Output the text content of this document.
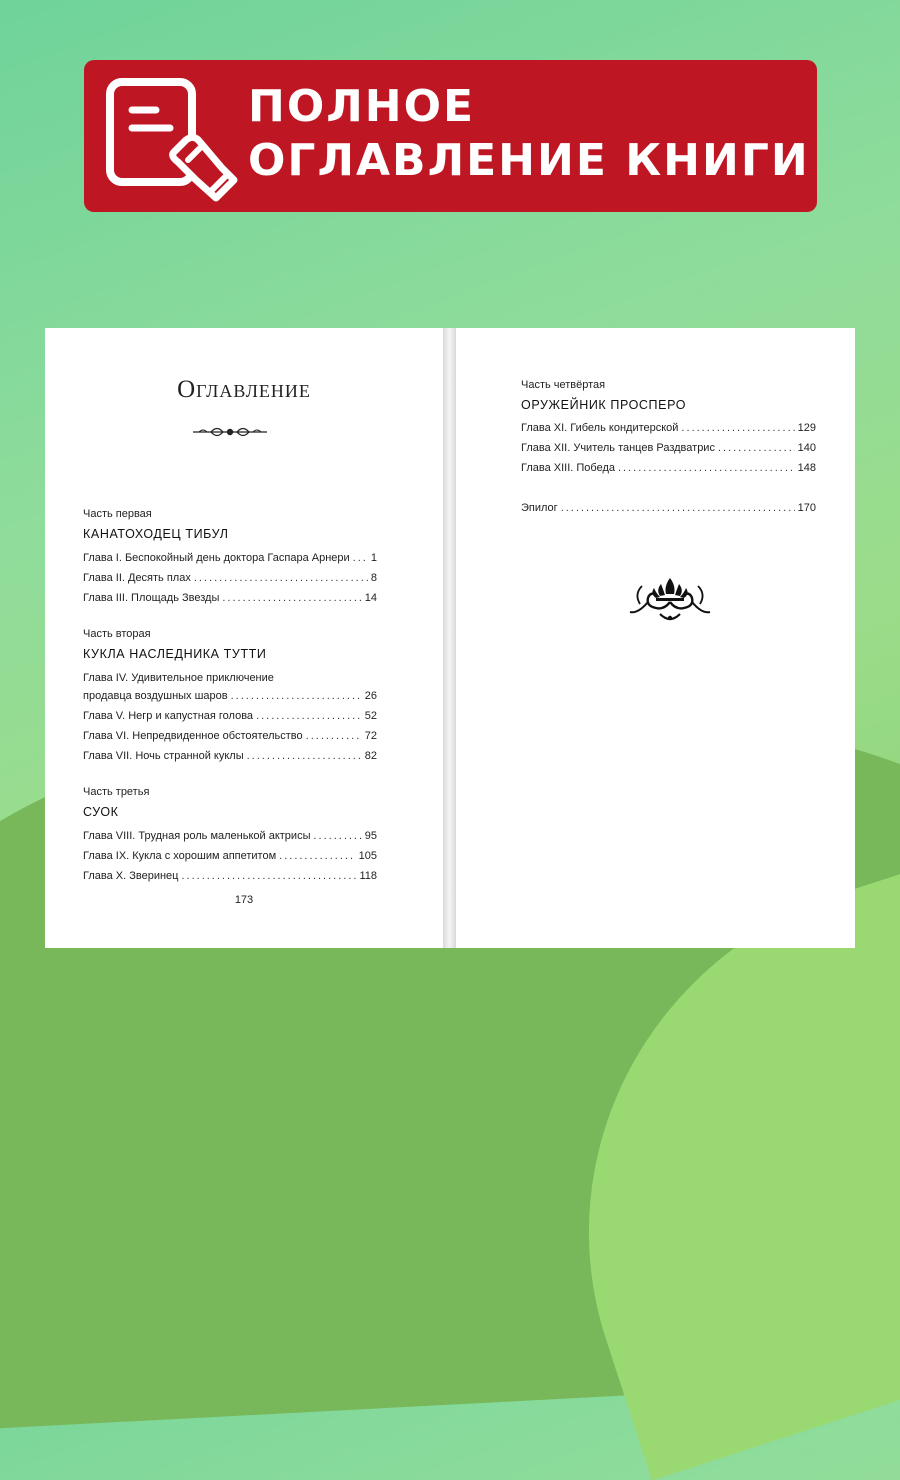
ПОЛНОЕ
ОГЛАВЛЕНИЕ КНИГИ
Оглавление
Часть первая
КАНАТОХОДЕЦ ТИБУЛ
Глава I. Беспокойный день доктора Гаспара Арнери ..... 1
Глава II. Десять плах .....	8
Глава III. Площадь Звезды .....	14
Часть вторая
КУКЛА НАСЛЕДНИКА ТУТТИ
Глава IV. Удивительное приключение
продавца воздушных шаров .....	26
Глава V. Негр и капустная голова .....	52
Глава VI. Непредвиденное обстоятельство .....	72
Глава VII. Ночь странной куклы .....	82
Часть третья
СУОК
Глава VIII. Трудная роль маленькой актрисы .....	95
Глава IX. Кукла с хорошим аппетитом .....	105
Глава X. Зверинец .....	118
173
Часть четвёртая
ОРУЖЕЙНИК ПРОСПЕРО
Глава XI. Гибель кондитерской .....	129
Глава XII. Учитель танцев Раздватрис .....	140
Глава XIII. Победа .....	148
Эпилог .....	170
